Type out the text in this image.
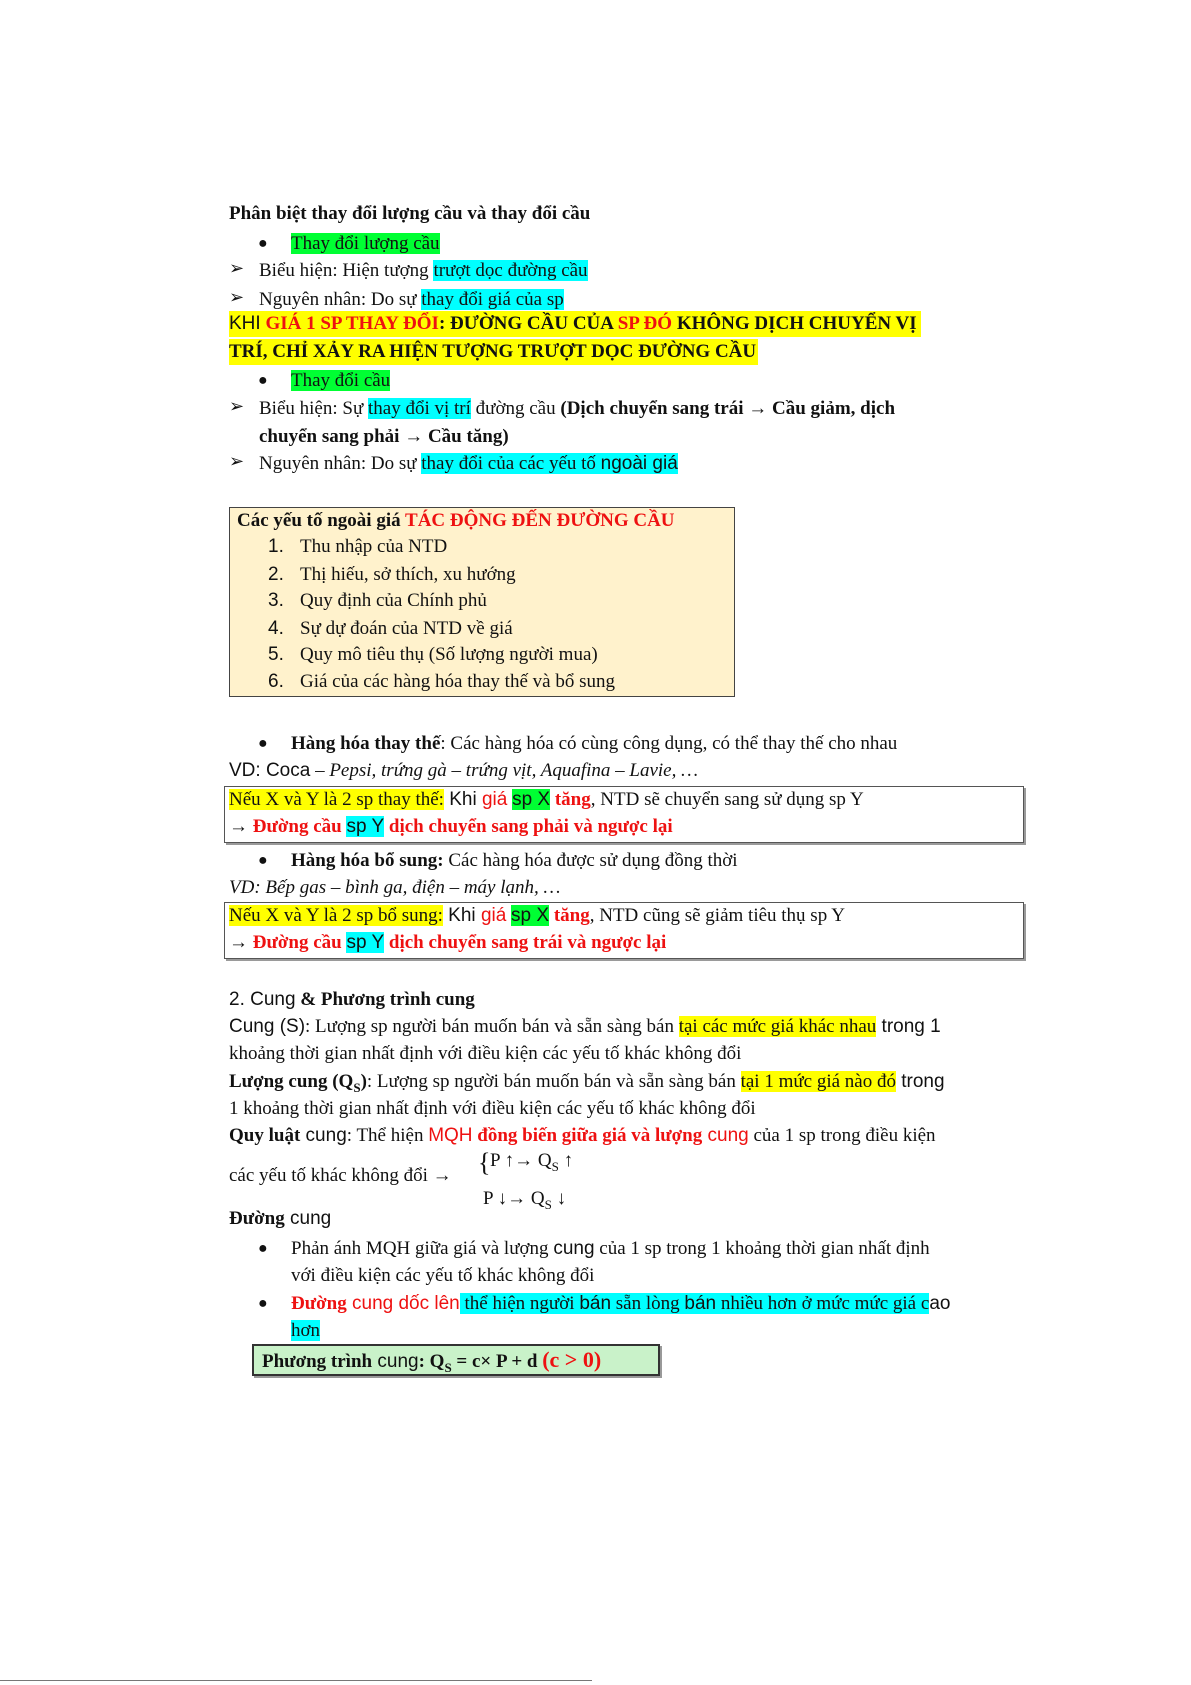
Phân biệt thay đổi lượng cầu và thay đổi cầu
● Thay đổi lượng cầu
➢ Biểu hiện: Hiện tượng trượt dọc đường cầu
➢ Nguyên nhân: Do sự thay đổi giá của sp
KHI GIÁ 1 SP THAY ĐỔI: ĐƯỜNG CẦU CỦA SP ĐÓ KHÔNG DỊCH CHUYỂN VỊ
TRÍ, CHỈ XẢY RA HIỆN TƯỢNG TRƯỢT DỌC ĐƯỜNG CẦU
● Thay đổi cầu
➢ Biểu hiện: Sự thay đổi vị trí đường cầu (Dịch chuyển sang trái → Cầu giảm, dịch
chuyển sang phải → Cầu tăng)
➢ Nguyên nhân: Do sự thay đổi của các yếu tố ngoài giá
Các yếu tố ngoài giá TÁC ĐỘNG ĐẾN ĐƯỜNG CẦU
1. Thu nhập của NTD
2. Thị hiếu, sở thích, xu hướng
3. Quy định của Chính phủ
4. Sự dự đoán của NTD về giá
5. Quy mô tiêu thụ (Số lượng người mua)
6. Giá của các hàng hóa thay thế và bổ sung
● Hàng hóa thay thế: Các hàng hóa có cùng công dụng, có thể thay thế cho nhau
VD: Coca – Pepsi, trứng gà – trứng vịt, Aquafina – Lavie, …
Nếu X và Y là 2 sp thay thế: Khi giá sp X tăng, NTD sẽ chuyển sang sử dụng sp Y
→ Đường cầu sp Y dịch chuyển sang phải và ngược lại
● Hàng hóa bổ sung: Các hàng hóa được sử dụng đồng thời
VD: Bếp gas – bình ga, điện – máy lạnh, …
Nếu X và Y là 2 sp bổ sung: Khi giá sp X tăng, NTD cũng sẽ giảm tiêu thụ sp Y
→ Đường cầu sp Y dịch chuyển sang trái và ngược lại
2. Cung & Phương trình cung
Cung (S): Lượng sp người bán muốn bán và sẵn sàng bán tại các mức giá khác nhau trong 1
khoảng thời gian nhất định với điều kiện các yếu tố khác không đổi
Lượng cung $(Q_S)$: Lượng sp người bán muốn bán và sẵn sàng bán tại 1 mức giá nào đó trong
1 khoảng thời gian nhất định với điều kiện các yếu tố khác không đổi
Quy luật cung: Thể hiện MQH đồng biến giữa giá và lượng cung của 1 sp trong điều kiện
các yếu tố khác không đổi → { P ↑→ $Q_S$ ↑
P ↓→ $Q_S$ ↓
Đường cung
● Phản ánh MQH giữa giá và lượng cung của 1 sp trong 1 khoảng thời gian nhất định
với điều kiện các yếu tố khác không đổi
● Đường cung dốc lên thể hiện người bán sẵn lòng bán nhiều hơn ở mức mức giá cao
hơn
Phương trình cung: $Q_S = c\times P + d$ (c > 0)
